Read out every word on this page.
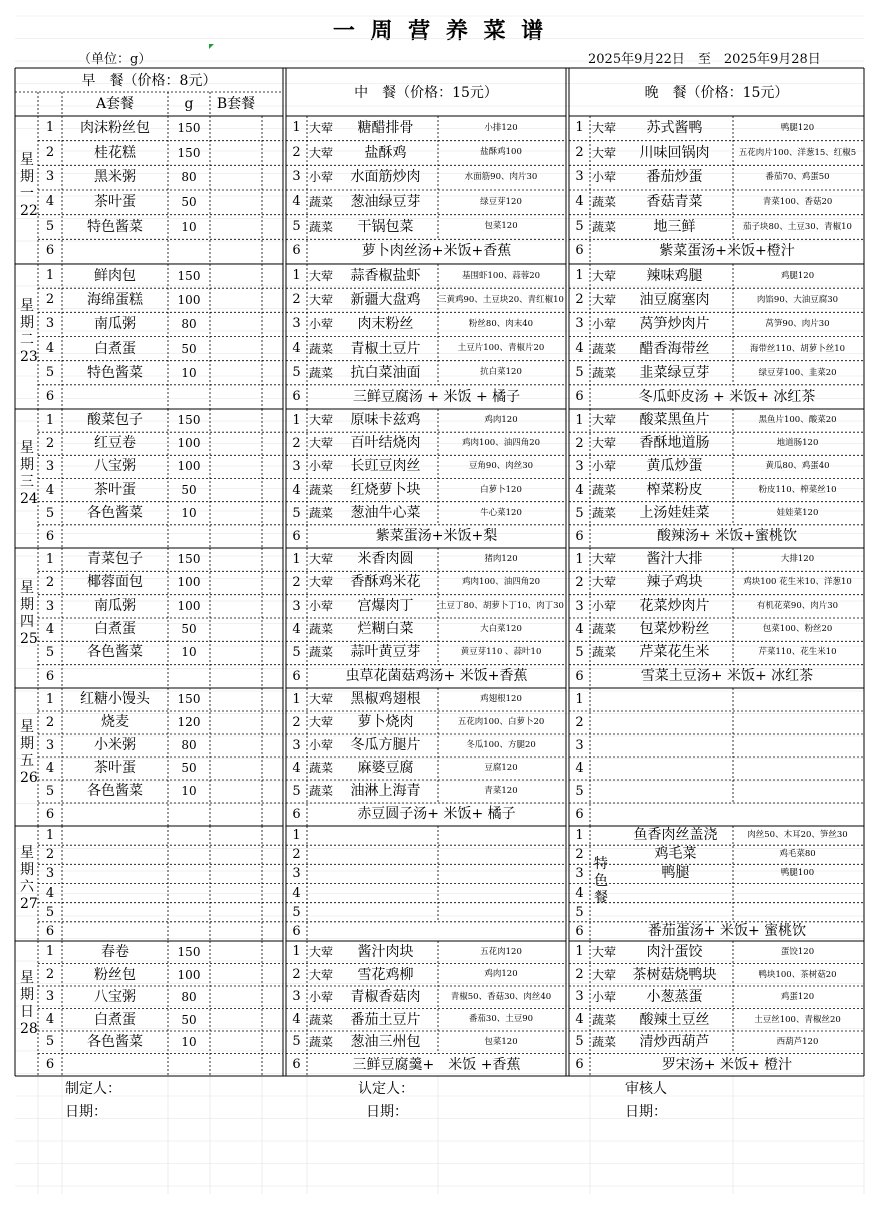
一 周 营 养 菜 谱
（单位：g）	2025年9月22日　至　2025年9月28日
早　餐（价格：8元）
A套餐	g	B套餐
中　餐（价格：15元）	晚　餐（价格：15元）
星期一22
1	肉沫粉丝包	150	1 大荤	糖醋排骨	小排120	1 大荤	苏式酱鸭	鸭腿120
2	桂花糕	150	2 大荤	盐酥鸡	盐酥鸡100	2 大荤	川味回锅肉	五花肉片100、洋葱15、红椒5
3	黑米粥	80	3 小荤	水面筋炒肉	水面筋90、肉片30	3 小荤	番茄炒蛋	番茄70、鸡蛋50
4	茶叶蛋	50	4 蔬菜	葱油绿豆芽	绿豆芽120	4 蔬菜	香菇青菜	青菜100、香菇20
5	特色酱菜	10	5 蔬菜	干锅包菜	包菜120	5 蔬菜	地三鲜	茄子块80、土豆30、青椒10
6	6	萝卜肉丝汤+米饭+香蕉	6	紫菜蛋汤+米饭+橙汁
星期二23
1	鲜肉包	150	1 大荤	蒜香椒盐虾	基围虾100、蒜蓉20	1 大荤	辣味鸡腿	鸡腿120
2	海绵蛋糕	100	2 大荤	新疆大盘鸡	三黄鸡90、土豆块20、青红椒10 2 大荤	油豆腐塞肉	肉馅90、大油豆腐30
3	南瓜粥	80	3 小荤	肉末粉丝	粉丝80、肉末40	3 小荤	莴笋炒肉片	莴笋90、肉片30
4	白煮蛋	50	4 蔬菜	青椒土豆片	土豆片100、青椒片20	4 蔬菜	醋香海带丝	海带丝110、胡萝卜丝10
5	特色酱菜	10	5 蔬菜	抗白菜油面	抗白菜120	5 蔬菜	韭菜绿豆芽	绿豆芽100、韭菜20
6	6	三鲜豆腐汤 + 米饭 + 橘子	6	冬瓜虾皮汤 + 米饭+ 冰红茶
星期三24
1	酸菜包子	150	1 大荤	原味卡兹鸡	鸡肉120	1 大荤	酸菜黑鱼片	黑鱼片100、酸菜20
2	红豆卷	100	2 大荤	百叶结烧肉	鸡肉100、油四角20	2 大荤	香酥地道肠	地道肠120
3	八宝粥	100	3 小荤	长豇豆肉丝	豆角90、肉丝30	3 小荤	黄瓜炒蛋	黄瓜80、鸡蛋40
4	茶叶蛋	50	4 蔬菜	红烧萝卜块	白萝卜120	4 蔬菜	榨菜粉皮	粉皮110、榨菜丝10
5	各色酱菜	10	5 蔬菜	葱油牛心菜	牛心菜120	5 蔬菜	上汤娃娃菜	娃娃菜120
6	6	紫菜蛋汤+米饭+梨	6	酸辣汤+ 米饭+蜜桃饮
星期四25
1	青菜包子	150	1 大荤	米香肉圆	猪肉120	1 大荤	酱汁大排	大排120
2	椰蓉面包	100	2 大荤	香酥鸡米花	鸡肉100、油四角20	2 大荤	辣子鸡块	鸡块100 花生米10、洋葱10
3	南瓜粥	100	3 小荤	宫爆肉丁	土豆丁80、胡萝卜丁10、肉丁30 3 小荤	花菜炒肉片	有机花菜90、肉片30
4	白煮蛋	50	4 蔬菜	烂糊白菜	大白菜120	4 蔬菜	包菜炒粉丝	包菜100、粉丝20
5	各色酱菜	10	5 蔬菜	蒜叶黄豆芽	黄豆芽110 、蒜叶10	5 蔬菜	芹菜花生米	芹菜110、花生米10
6	6	虫草花菌菇鸡汤+ 米饭+香蕉	6	雪菜土豆汤+ 米饭+ 冰红茶
星期五26
1	红糖小馒头	150	1 大荤	黑椒鸡翅根	鸡翅根120	1
2	烧麦	120	2 大荤	萝卜烧肉	五花肉100、白萝卜20	2
3	小米粥	80	3 小荤	冬瓜方腿片	冬瓜100、方腿20	3
4	茶叶蛋	50	4 蔬菜	麻婆豆腐	豆腐120	4
5	各色酱菜	10	5 蔬菜	油淋上海青	青菜120	5
6	6	赤豆圆子汤+ 米饭+ 橘子	6
星期六27
1	1	1	鱼香肉丝盖浇	肉丝50、木耳20、笋丝30
2	2	2	鸡毛菜	鸡毛菜80
3	3	3	鸭腿	鸭腿100
4	4	4
5	5	5
6	6	6	番茄蛋汤+ 米饭+ 蜜桃饮
特色餐
星期日28
1	春卷	150	1 大荤	酱汁肉块	五花肉120	1 大荤	肉汁蛋饺	蛋饺120
2	粉丝包	100	2 大荤	雪花鸡柳	鸡肉120	2 大荤	茶树菇烧鸭块	鸭块100、茶树菇20
3	八宝粥	80	3 小荤	青椒香菇肉	青椒50、香菇30、肉丝40	3 小荤	小葱蒸蛋	鸡蛋120
4	白煮蛋	50	4 蔬菜	番茄土豆片	番茄30、土豆90	4 蔬菜	酸辣土豆丝	土豆丝100、青椒丝20
5	各色酱菜	10	5 蔬菜	葱油三州包	包菜120	5 蔬菜	清炒西葫芦	西葫芦120
6	6	三鲜豆腐羹+　米饭 +香蕉	6	罗宋汤+ 米饭+ 橙汁
制定人：	认定人：	审核人
日期：	日期：	日期：
